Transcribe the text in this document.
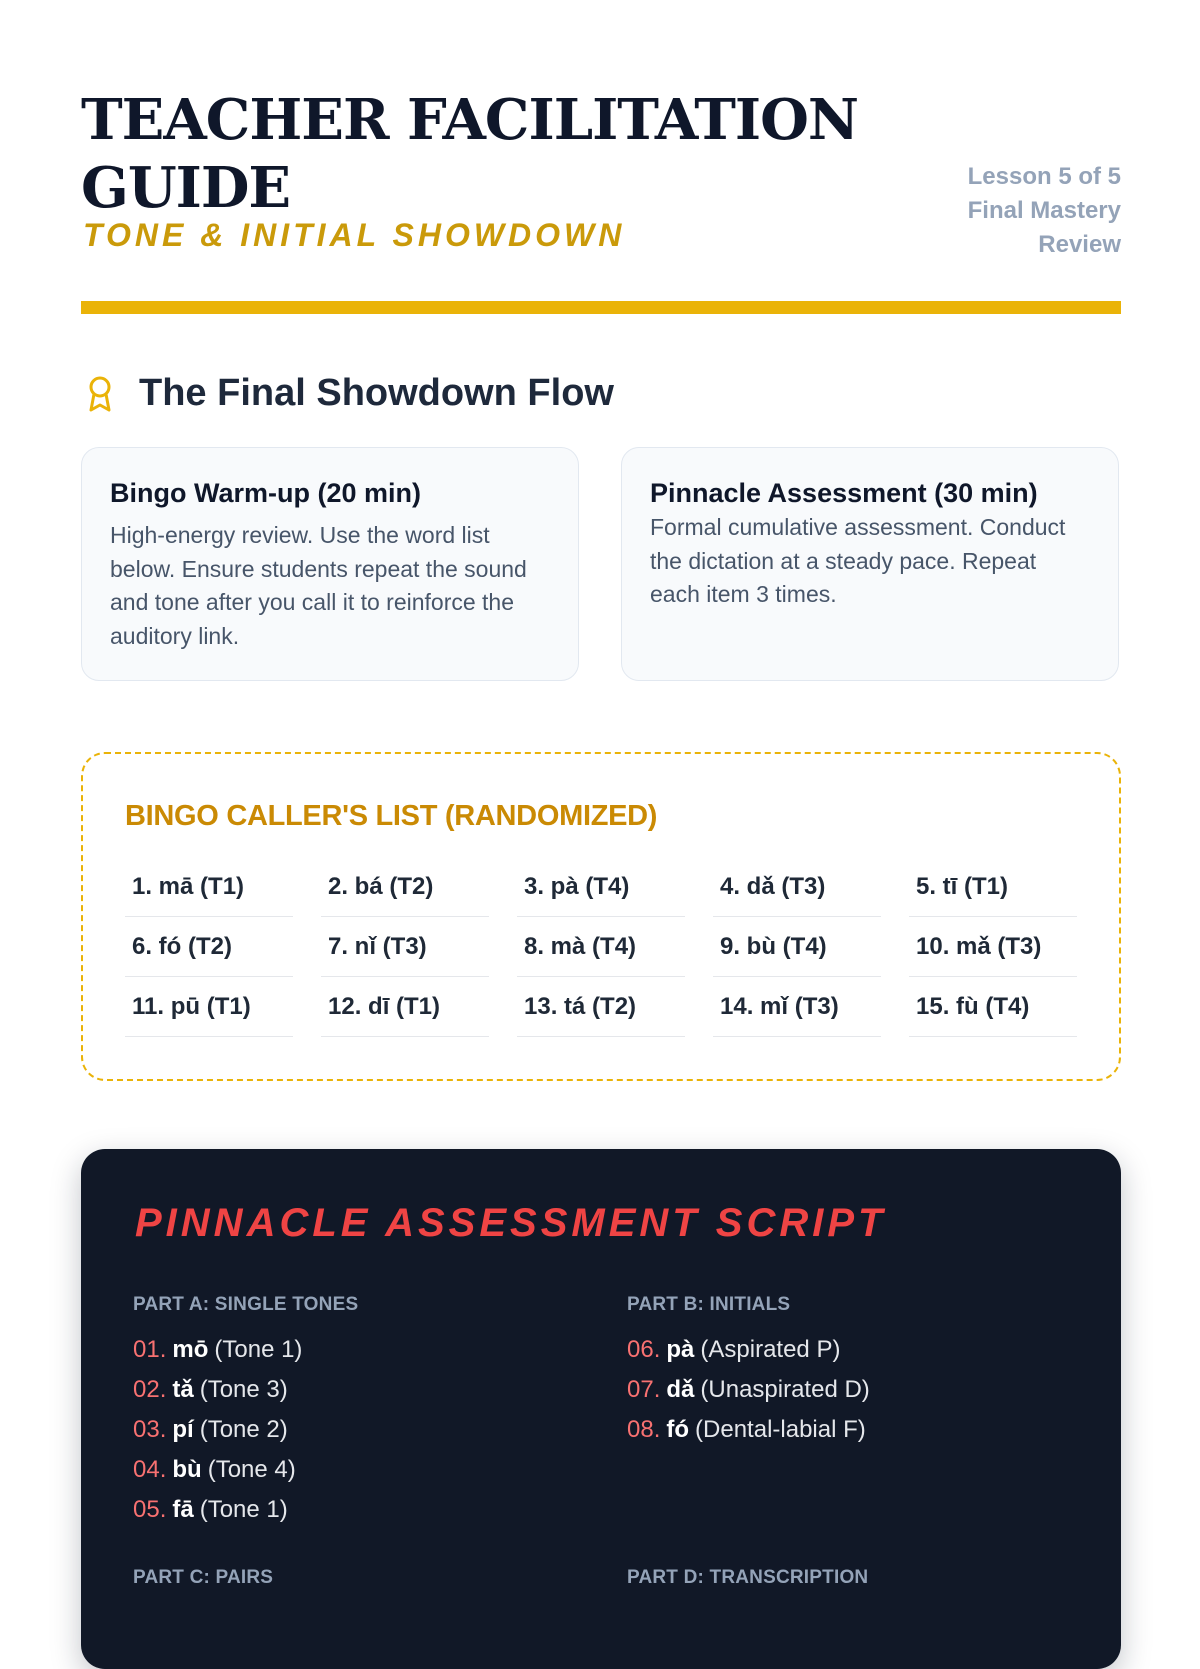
TEACHER FACILITATION GUIDE
TONE & INITIAL SHOWDOWN
Lesson 5 of 5
Final Mastery
Review
The Final Showdown Flow
Bingo Warm-up (20 min)

High-energy review. Use the word list below. Ensure students repeat the sound and tone after you call it to reinforce the auditory link.

Pinnacle Assessment (30 min)

Formal cumulative assessment. Conduct the dictation at a steady pace. Repeat each item 3 times.

BINGO CALLER'S LIST (RANDOMIZED)
1. mā (T1)	2. bá (T2)	3. pà (T4)	4. dǎ (T3)	5. tī (T1)
6. fó (T2)	7. nǐ (T3)	8. mà (T4)	9. bù (T4)	10. mǎ (T3)
11. pū (T1)	12. dī (T1)	13. tá (T2)	14. mǐ (T3)	15. fù (T4)
PINNACLE ASSESSMENT SCRIPT
PART A: SINGLE TONES
01. mō (Tone 1)
02. tǎ (Tone 3)
03. pí (Tone 2)
04. bù (Tone 4)
05. fā (Tone 1)
PART B: INITIALS
06. pà (Aspirated P)
07. dǎ (Unaspirated D)
08. fó (Dental-labial F)
PART C: PAIRS	PART D: TRANSCRIPTION
